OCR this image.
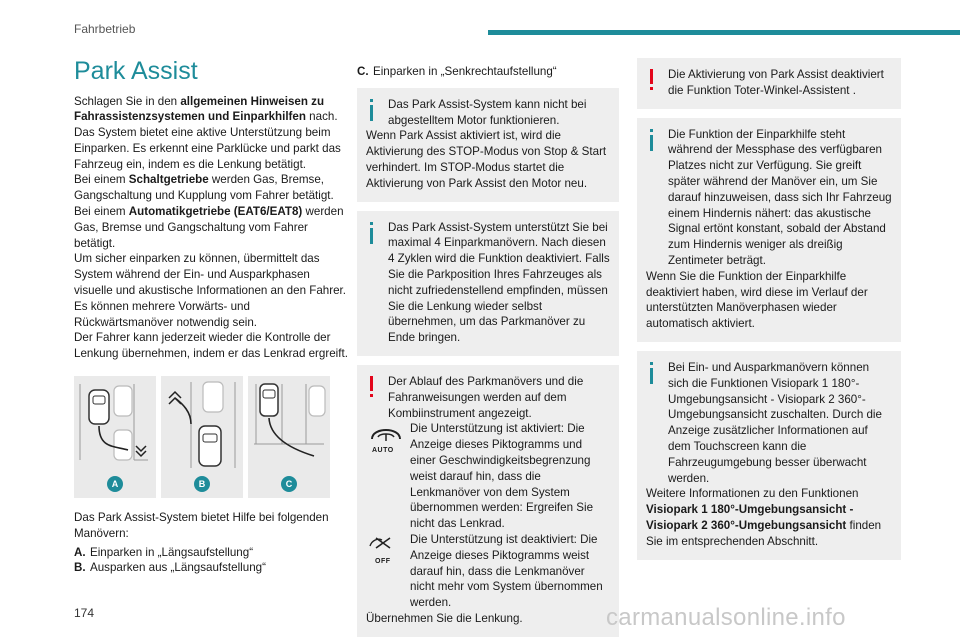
Fahrbetrieb
Park Assist

Schlagen Sie in den allgemeinen Hinweisen zu Fahrassistenzsystemen und Einparkhilfen nach.

Das System bietet eine aktive Unterstützung beim Einparken. Es erkennt eine Parklücke und parkt das Fahrzeug ein, indem es die Lenkung betätigt.

Bei einem Schaltgetriebe werden Gas, Bremse, Gangschaltung und Kupplung vom Fahrer betätigt.

Bei einem Automatikgetriebe (EAT6/EAT8) werden Gas, Bremse und Gangschaltung vom Fahrer betätigt.

Um sicher einparken zu können, übermittelt das System während der Ein- und Ausparkphasen visuelle und akustische Informationen an den Fahrer. Es können mehrere Vorwärts- und Rückwärtsmanöver notwendig sein.

Der Fahrer kann jederzeit wieder die Kontrolle der Lenkung übernehmen, indem er das Lenkrad ergreift.

A	B	C

Das Park Assist-System bietet Hilfe bei folgenden Manövern:

A. Einparken in „Längsaufstellung“
B. Ausparken aus „Längsaufstellung“
C. Einparken in „Senkrechtaufstellung“
Das Park Assist-System kann nicht bei abgestelltem Motor funktionieren.
Wenn Park Assist aktiviert ist, wird die Aktivierung des STOP-Modus von Stop & Start verhindert. Im STOP-Modus startet die Aktivierung von Park Assist den Motor neu.
Das Park Assist-System unterstützt Sie bei maximal 4 Einparkmanövern. Nach diesen 4 Zyklen wird die Funktion deaktiviert. Falls Sie die Parkposition Ihres Fahrzeuges als nicht zufriedenstellend empfinden, müssen Sie die Lenkung wieder selbst übernehmen, um das Parkmanöver zu Ende bringen.
Der Ablauf des Parkmanövers und die Fahranweisungen werden auf dem Kombiinstrument angezeigt.
AUTO
Die Unterstützung ist aktiviert: Die Anzeige dieses Piktogramms und einer Geschwindigkeitsbegrenzung weist darauf hin, dass die Lenkmanöver von dem System übernommen werden: Ergreifen Sie nicht das Lenkrad.
OFF
Die Unterstützung ist deaktiviert: Die Anzeige dieses Piktogramms weist darauf hin, dass die Lenkmanöver nicht mehr vom System übernommen werden.
Übernehmen Sie die Lenkung.
Die Aktivierung von Park Assist deaktiviert die Funktion Toter-Winkel-Assistent .
Die Funktion der Einparkhilfe steht während der Messphase des verfügbaren Platzes nicht zur Verfügung. Sie greift später während der Manöver ein, um Sie darauf hinzuweisen, dass sich Ihr Fahrzeug einem Hindernis nähert: das akustische Signal ertönt konstant, sobald der Abstand zum Hindernis weniger als dreißig Zentimeter beträgt.
Wenn Sie die Funktion der Einparkhilfe deaktiviert haben, wird diese im Verlauf der unterstützten Manöverphasen wieder automatisch aktiviert.
Bei Ein- und Ausparkmanövern können sich die Funktionen Visiopark 1 180°-Umgebungsansicht - Visiopark 2 360°-Umgebungsansicht zuschalten. Durch die Anzeige zusätzlicher Informationen auf dem Touchscreen kann die Fahrzeugumgebung besser überwacht werden.
Weitere Informationen zu den Funktionen Visiopark 1 180°-Umgebungsansicht - Visiopark 2 360°-Umgebungsansicht finden Sie im entsprechenden Abschnitt.
174	carmanualsonline.info
